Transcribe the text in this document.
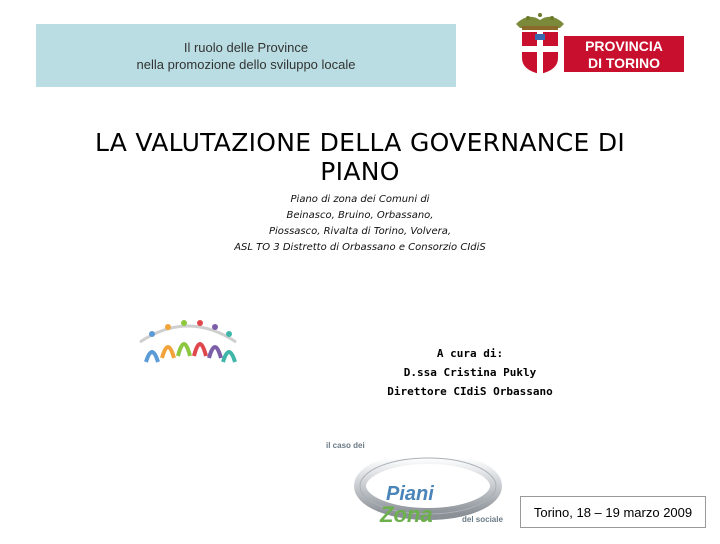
Il ruolo delle Province
nella promozione dello sviluppo locale
PROVINCIA
DI TORINO
LA VALUTAZIONE DELLA GOVERNANCE DI
PIANO
Piano di zona dei Comuni di
Beinasco, Bruino, Orbassano,
Piossasco, Rivalta di Torino, Volvera,
ASL TO 3 Distretto di Orbassano e Consorzio CIdiS
A cura di:
D.ssa Cristina Pukly
Direttore CIdiS Orbassano
il caso dei
Piani
Zona	del sociale Torino, 18 – 19 marzo 2009
